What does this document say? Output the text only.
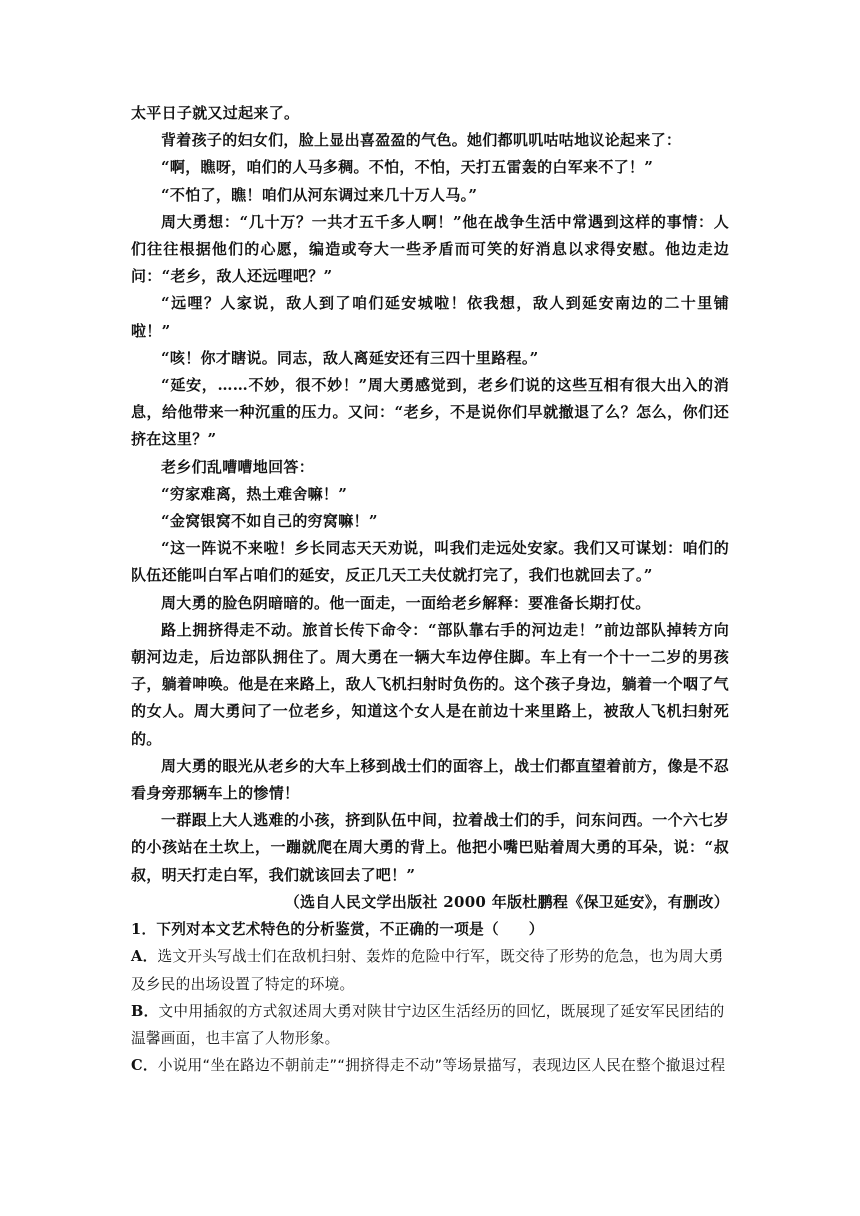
太平日子就又过起来了。

背着孩子的妇女们，脸上显出喜盈盈的气色。她们都叽叽咕咕地议论起来了：

“啊，瞧呀，咱们的人马多稠。不怕，不怕，天打五雷轰的白军来不了！”

“不怕了，瞧！咱们从河东调过来几十万人马。”

周大勇想：“几十万？一共才五千多人啊！”他在战争生活中常遇到这样的事情：人们往往根据他们的心愿，编造或夸大一些矛盾而可笑的好消息以求得安慰。他边走边问：“老乡，敌人还远哩吧？”

“远哩？人家说，敌人到了咱们延安城啦！依我想，敌人到延安南边的二十里铺啦！”

“咳！你才瞎说。同志，敌人离延安还有三四十里路程。”

“延安，……不妙，很不妙！”周大勇感觉到，老乡们说的这些互相有很大出入的消息，给他带来一种沉重的压力。又问：“老乡，不是说你们早就撤退了么？怎么，你们还挤在这里？”

老乡们乱嘈嘈地回答：

“穷家难离，热土难舍嘛！”

“金窝银窝不如自己的穷窝嘛！”

“这一阵说不来啦！乡长同志天天劝说，叫我们走远处安家。我们又可谋划：咱们的队伍还能叫白军占咱们的延安，反正几天工夫仗就打完了，我们也就回去了。”

周大勇的脸色阴暗暗的。他一面走，一面给老乡解释：要准备长期打仗。

路上拥挤得走不动。旅首长传下命令：“部队靠右手的河边走！”前边部队掉转方向朝河边走，后边部队拥住了。周大勇在一辆大车边停住脚。车上有一个十一二岁的男孩子，躺着呻唤。他是在来路上，敌人飞机扫射时负伤的。这个孩子身边，躺着一个咽了气的女人。周大勇问了一位老乡，知道这个女人是在前边十来里路上，被敌人飞机扫射死的。

周大勇的眼光从老乡的大车上移到战士们的面容上，战士们都直望着前方，像是不忍看身旁那辆车上的惨情！

一群跟上大人逃难的小孩，挤到队伍中间，拉着战士们的手，问东问西。一个六七岁的小孩站在土坎上，一蹦就爬在周大勇的背上。他把小嘴巴贴着周大勇的耳朵，说：“叔叔，明天打走白军，我们就该回去了吧！”

（选自人民文学出版社 2000 年版杜鹏程《保卫延安》，有删改）

1．下列对本文艺术特色的分析鉴赏，不正确的一项是（　　）

A．选文开头写战士们在敌机扫射、轰炸的危险中行军，既交待了形势的危急，也为周大勇及乡民的出场设置了特定的环境。

B．文中用插叙的方式叙述周大勇对陕甘宁边区生活经历的回忆，既展现了延安军民团结的温馨画面，也丰富了人物形象。

C．小说用“坐在路边不朝前走”“拥挤得走不动”等场景描写，表现边区人民在整个撤退过程
